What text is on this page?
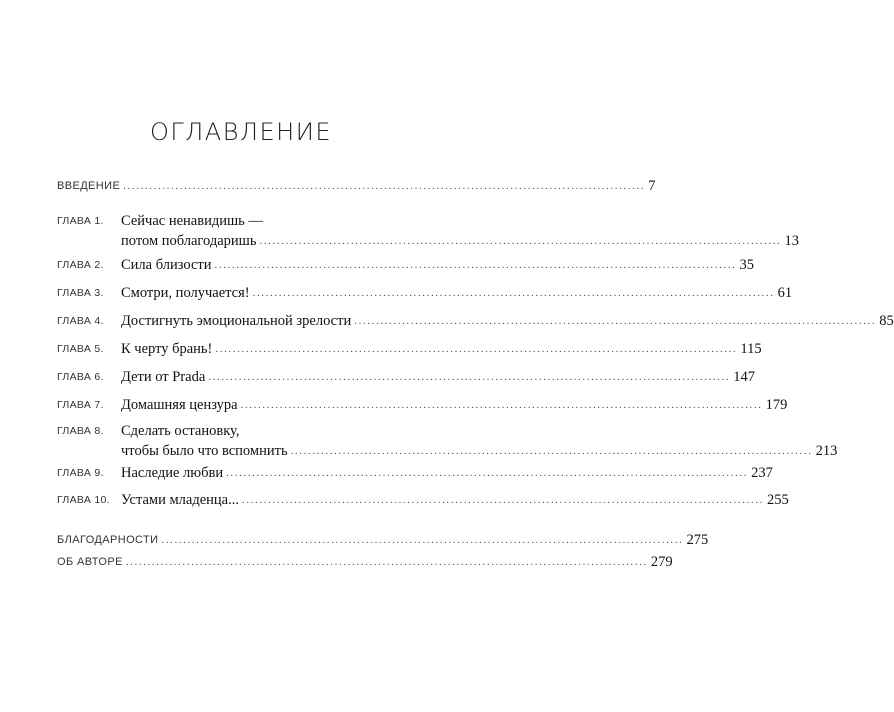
ОГЛАВЛЕНИЕ
ВВЕДЕНИЕ ........................................................................................................................ 7
ГЛАВА 1.	Сейчас ненавидишь —
потом поблагодаришь ........................................................................................................................ 13
ГЛАВА 2.	Сила близости ........................................................................................................................ 35
ГЛАВА 3.	Смотри, получается! ........................................................................................................................ 61
ГЛАВА 4.	Достигнуть эмоциональной зрелости ........................................................................................................................ 85
ГЛАВА 5.	К черту брань! ........................................................................................................................ 115
ГЛАВА 6.	Дети от Prada ........................................................................................................................ 147
ГЛАВА 7.	Домашняя цензура ........................................................................................................................ 179
ГЛАВА 8.	Сделать остановку,
чтобы было что вспомнить ........................................................................................................................ 213
ГЛАВА 9.	Наследие любви ........................................................................................................................ 237
ГЛАВА 10. Устами младенца... ........................................................................................................................ 255
БЛАГОДАРНОСТИ ........................................................................................................................ 275
ОБ АВТОРЕ ........................................................................................................................ 279
